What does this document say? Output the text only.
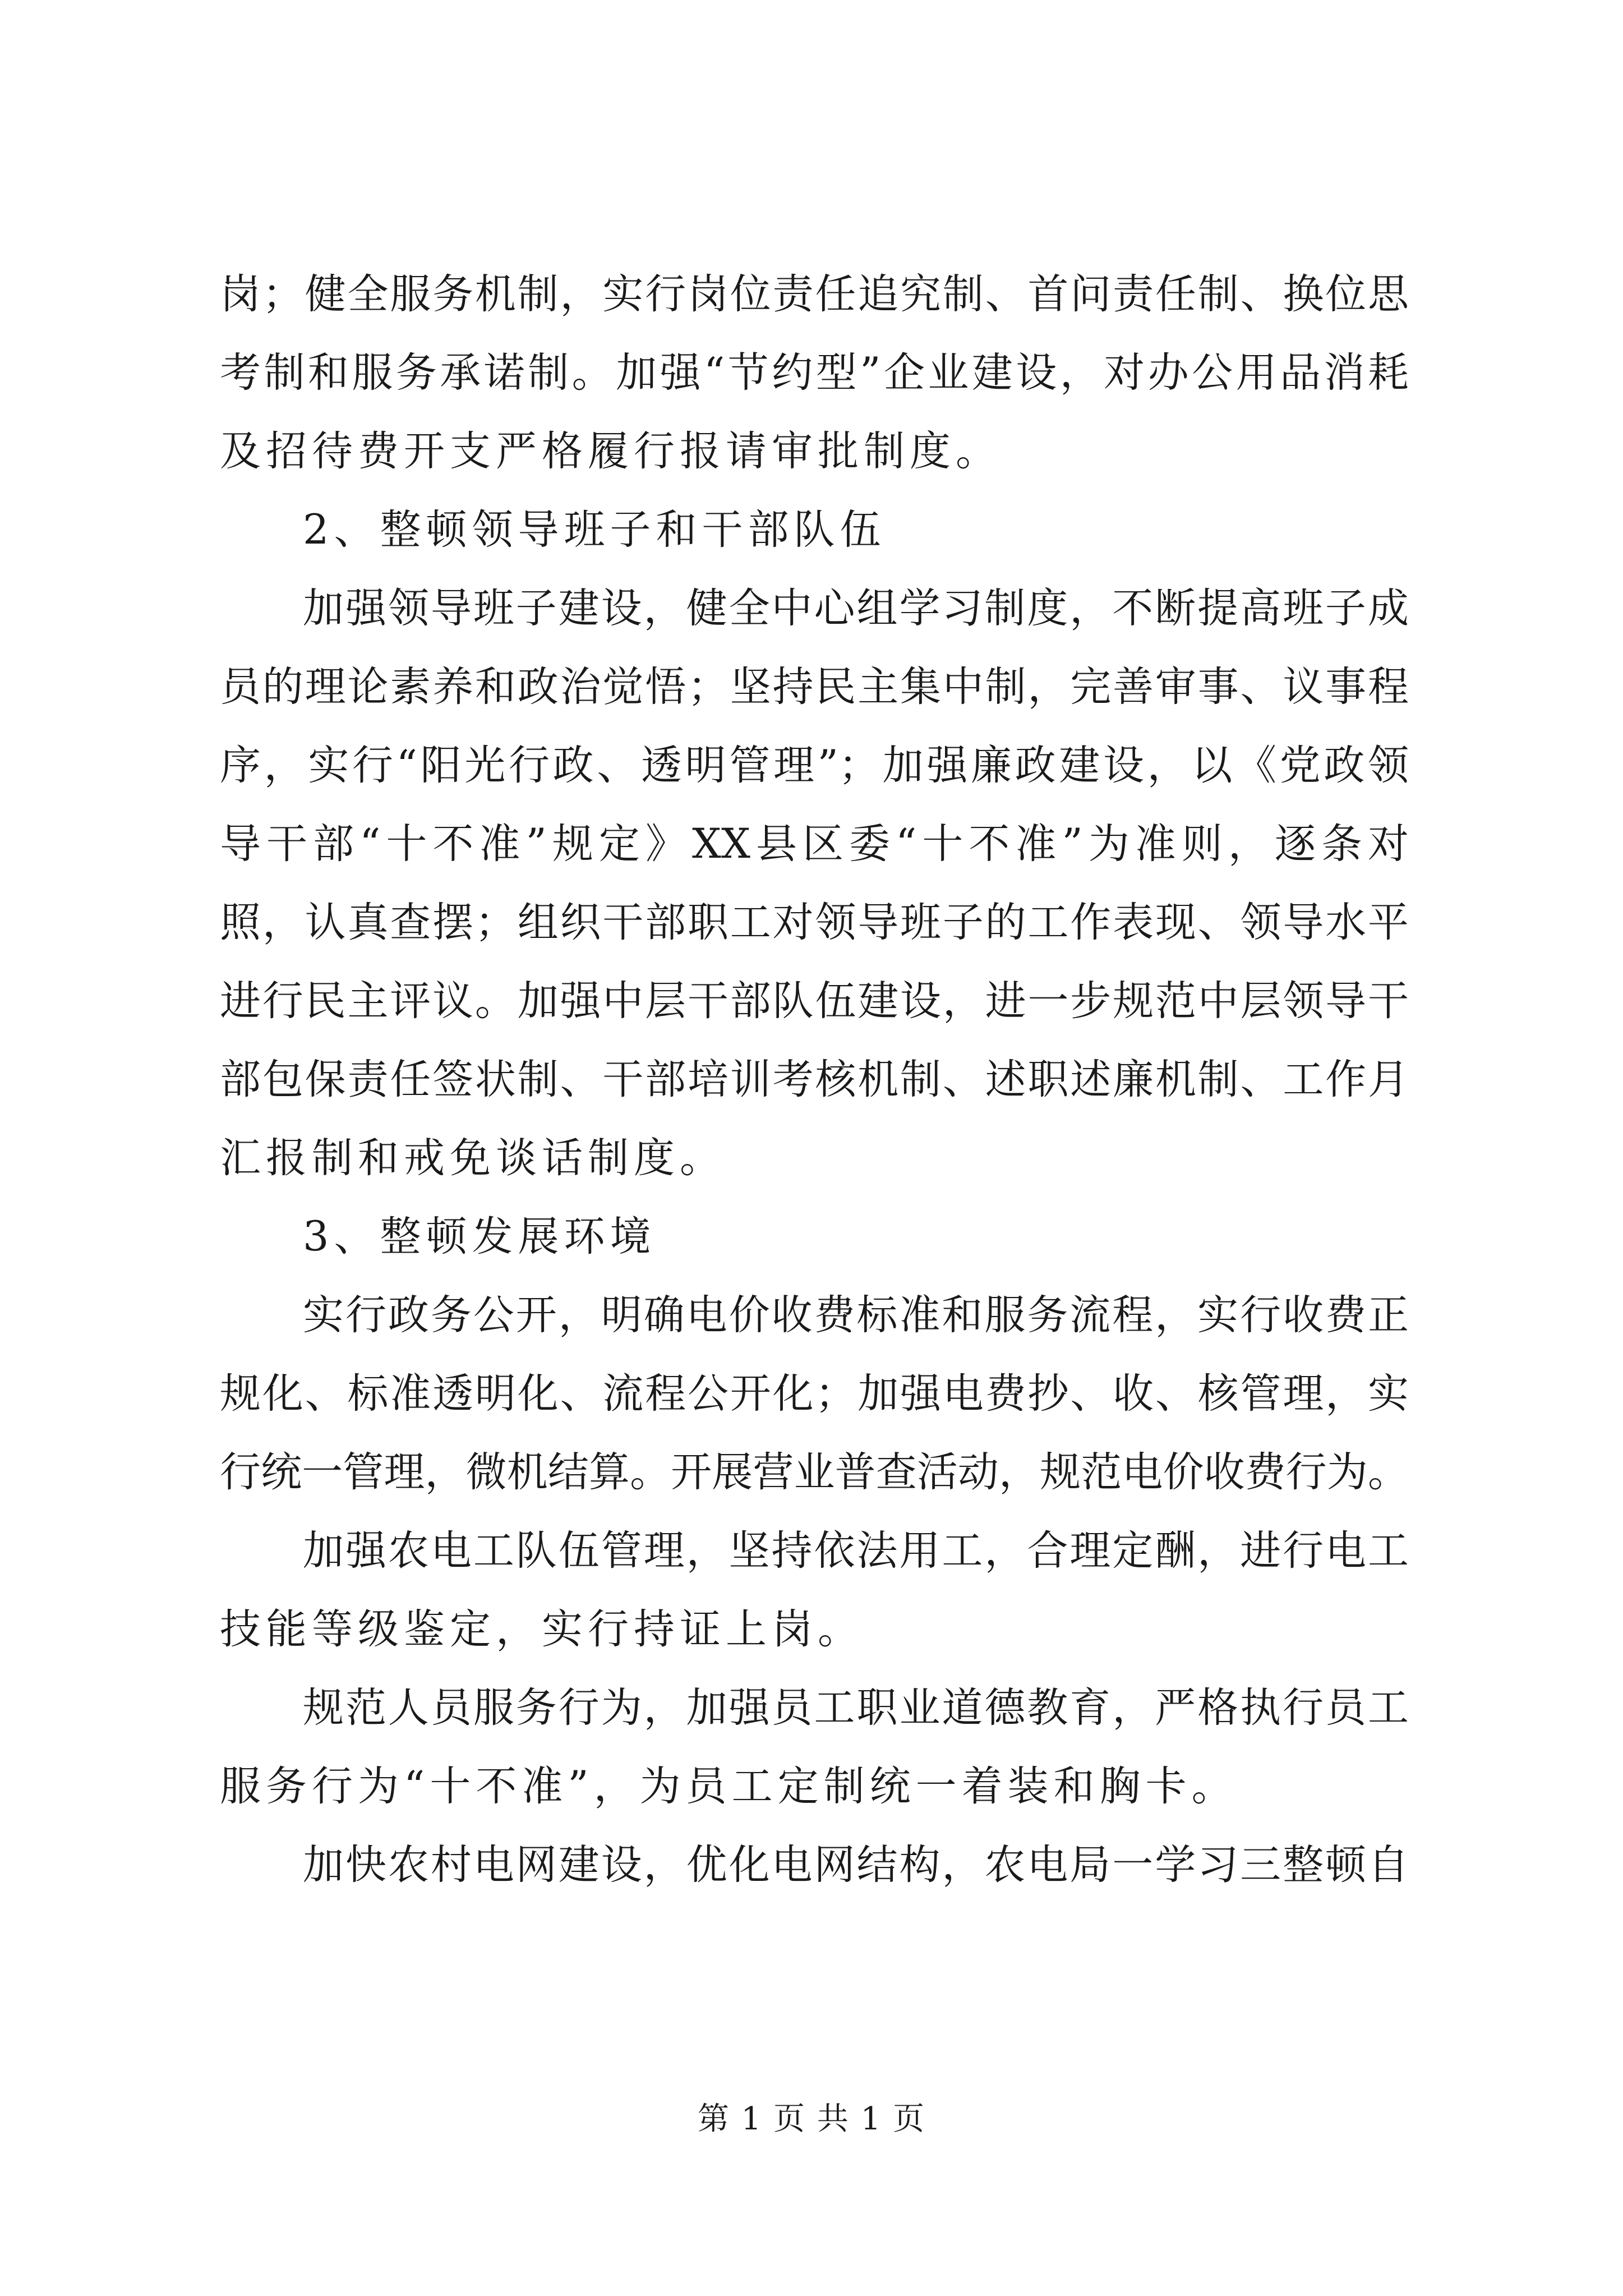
岗；健全服务机制，实行岗位责任追究制、首问责任制、换位思
考制和服务承诺制。加强“节约型”企业建设，对办公用品消耗
及招待费开支严格履行报请审批制度。
2、整顿领导班子和干部队伍
加强领导班子建设，健全中心组学习制度，不断提高班子成
员的理论素养和政治觉悟；坚持民主集中制，完善审事、议事程
序，实行“阳光行政、透明管理”；加强廉政建设，以《党政领
导干部“十不准”规定》XX县区委“十不准”为准则，逐条对
照，认真查摆；组织干部职工对领导班子的工作表现、领导水平
进行民主评议。加强中层干部队伍建设，进一步规范中层领导干
部包保责任签状制、干部培训考核机制、述职述廉机制、工作月
汇报制和戒免谈话制度。
3、整顿发展环境
实行政务公开，明确电价收费标准和服务流程，实行收费正
规化、标准透明化、流程公开化；加强电费抄、收、核管理，实
行统一管理，微机结算。开展营业普查活动，规范电价收费行为。
加强农电工队伍管理，坚持依法用工，合理定酬，进行电工
技能等级鉴定，实行持证上岗。
规范人员服务行为，加强员工职业道德教育，严格执行员工
服务行为“十不准”，为员工定制统一着装和胸卡。
加快农村电网建设，优化电网结构，农电局一学习三整顿自
第 1 页 共 1 页
